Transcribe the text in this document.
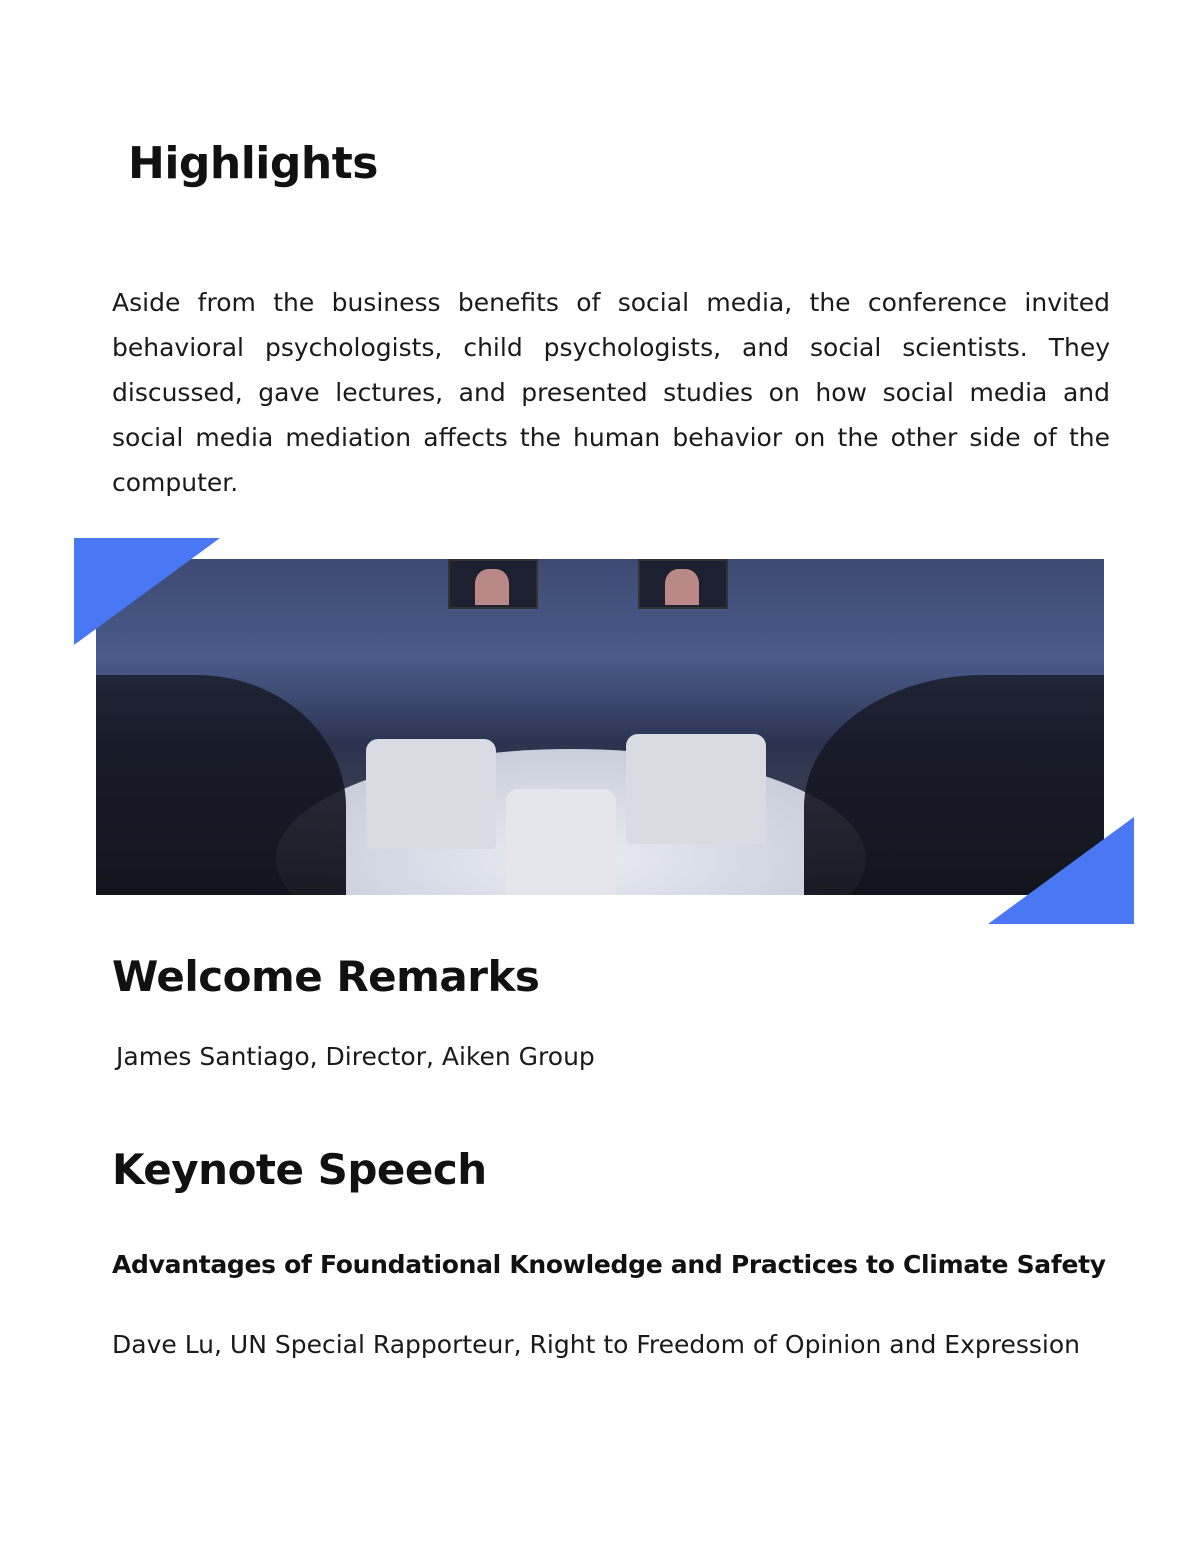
Highlights

Aside from the business benefits of social media, the conference invited behavioral psychologists, child psychologists, and social scientists. They discussed, gave lectures, and presented studies on how social media and social media mediation affects the human behavior on the other side of the computer.

Welcome Remarks

James Santiago, Director, Aiken Group

Keynote Speech

Advantages of Foundational Knowledge and Practices to Climate Safety

Dave Lu, UN Special Rapporteur, Right to Freedom of Opinion and Expression
